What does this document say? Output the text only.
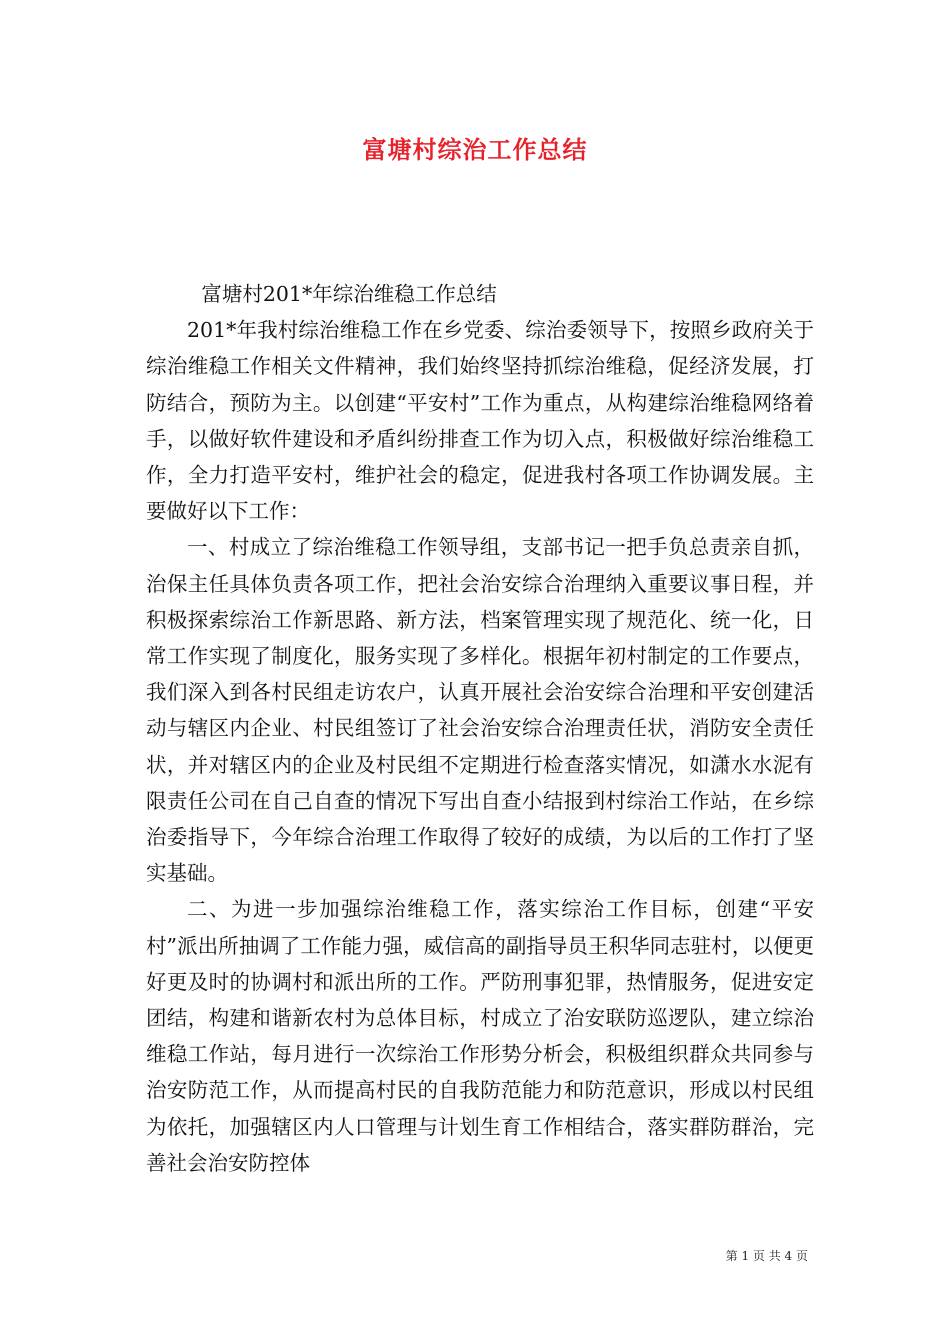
富塘村综治工作总结

富塘村201*年综治维稳工作总结

201*年我村综治维稳工作在乡党委、综治委领导下，按照乡政府关于综治维稳工作相关文件精神，我们始终坚持抓综治维稳，促经济发展，打防结合，预防为主。以创建“平安村”工作为重点，从构建综治维稳网络着手，以做好软件建设和矛盾纠纷排查工作为切入点，积极做好综治维稳工作，全力打造平安村，维护社会的稳定，促进我村各项工作协调发展。主要做好以下工作：

一、村成立了综治维稳工作领导组，支部书记一把手负总责亲自抓，治保主任具体负责各项工作，把社会治安综合治理纳入重要议事日程，并积极探索综治工作新思路、新方法，档案管理实现了规范化、统一化，日常工作实现了制度化，服务实现了多样化。根据年初村制定的工作要点，我们深入到各村民组走访农户，认真开展社会治安综合治理和平安创建活动与辖区内企业、村民组签订了社会治安综合治理责任状，消防安全责任状，并对辖区内的企业及村民组不定期进行检查落实情况，如潇水水泥有限责任公司在自己自查的情况下写出自查小结报到村综治工作站，在乡综治委指导下，今年综合治理工作取得了较好的成绩，为以后的工作打了坚实基础。

二、为进一步加强综治维稳工作，落实综治工作目标，创建“平安村”派出所抽调了工作能力强，威信高的副指导员王积华同志驻村，以便更好更及时的协调村和派出所的工作。严防刑事犯罪，热情服务，促进安定团结，构建和谐新农村为总体目标，村成立了治安联防巡逻队，建立综治维稳工作站，每月进行一次综治工作形势分析会，积极组织群众共同参与治安防范工作，从而提高村民的自我防范能力和防范意识，形成以村民组为依托，加强辖区内人口管理与计划生育工作相结合，落实群防群治，完善社会治安防控体

第 1 页 共 4 页
